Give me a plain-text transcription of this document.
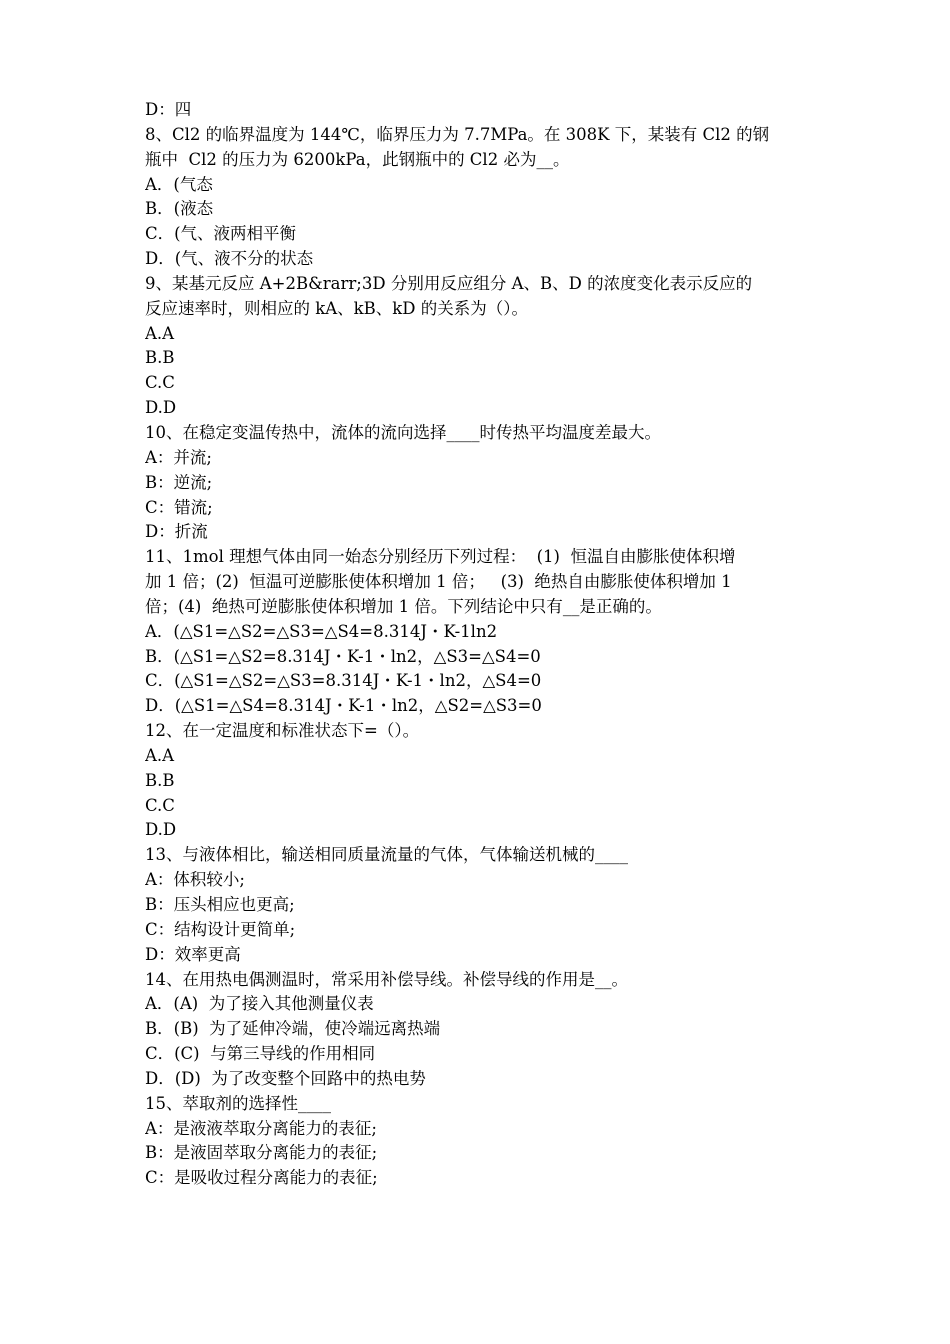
D：四
8、Cl2 的临界温度为 144℃，临界压力为 7.7MPa。在 308K 下，某装有 Cl2 的钢
瓶中  Cl2 的压力为 6200kPa，此钢瓶中的 Cl2 必为__。
A．(气态
B．(液态
C．(气、液两相平衡
D．(气、液不分的状态
9、某基元反应 A+2B&rarr;3D 分别用反应组分 A、B、D 的浓度变化表示反应的
反应速率时，则相应的 kA、kB、kD 的关系为（）。
A.A
B.B
C.C
D.D
10、在稳定变温传热中，流体的流向选择____时传热平均温度差最大。
A：并流;
B：逆流;
C：错流;
D：折流
11、1mol 理想气体由同一始态分别经历下列过程：  (1)  恒温自由膨胀使体积增
加 1 倍；(2)  恒温可逆膨胀使体积增加 1 倍；   (3)  绝热自由膨胀使体积增加 1
倍；(4)  绝热可逆膨胀使体积增加 1 倍。下列结论中只有__是正确的。
A．(△S1=△S2=△S3=△S4=8.314J・K-1ln2
B．(△S1=△S2=8.314J・K-1・ln2，△S3=△S4=0
C．(△S1=△S2=△S3=8.314J・K-1・ln2，△S4=0
D．(△S1=△S4=8.314J・K-1・ln2，△S2=△S3=0
12、在一定温度和标准状态下=（）。
A.A
B.B
C.C
D.D
13、与液体相比，输送相同质量流量的气体，气体输送机械的____
A：体积较小;
B：压头相应也更高;
C：结构设计更简单;
D：效率更高
14、在用热电偶测温时，常采用补偿导线。补偿导线的作用是__。
A．(A)  为了接入其他测量仪表
B．(B)  为了延伸冷端，使冷端远离热端
C．(C)  与第三导线的作用相同
D．(D)  为了改变整个回路中的热电势
15、萃取剂的选择性____
A：是液液萃取分离能力的表征;
B：是液固萃取分离能力的表征;
C：是吸收过程分离能力的表征;
